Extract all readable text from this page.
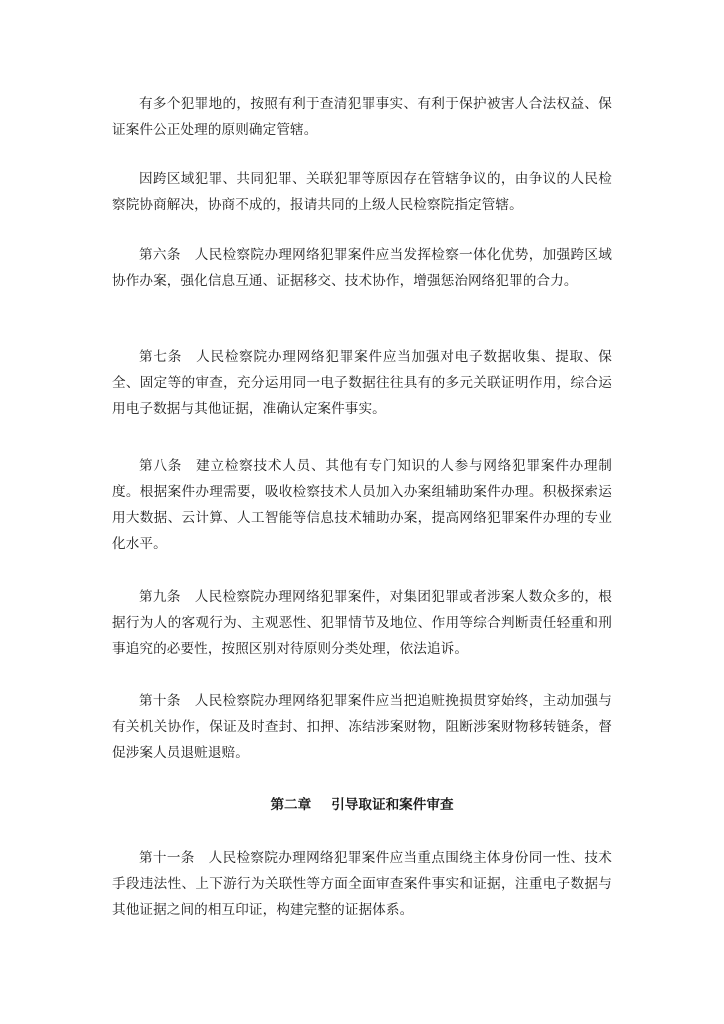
有多个犯罪地的，按照有利于查清犯罪事实、有利于保护被害人合法权益、保证案件公正处理的原则确定管辖。

因跨区域犯罪、共同犯罪、关联犯罪等原因存在管辖争议的，由争议的人民检察院协商解决，协商不成的，报请共同的上级人民检察院指定管辖。

第六条 人民检察院办理网络犯罪案件应当发挥检察一体化优势，加强跨区域协作办案，强化信息互通、证据移交、技术协作，增强惩治网络犯罪的合力。

第七条 人民检察院办理网络犯罪案件应当加强对电子数据收集、提取、保全、固定等的审查，充分运用同一电子数据往往具有的多元关联证明作用，综合运用电子数据与其他证据，准确认定案件事实。

第八条 建立检察技术人员、其他有专门知识的人参与网络犯罪案件办理制度。根据案件办理需要，吸收检察技术人员加入办案组辅助案件办理。积极探索运用大数据、云计算、人工智能等信息技术辅助办案，提高网络犯罪案件办理的专业化水平。

第九条 人民检察院办理网络犯罪案件，对集团犯罪或者涉案人数众多的，根据行为人的客观行为、主观恶性、犯罪情节及地位、作用等综合判断责任轻重和刑事追究的必要性，按照区别对待原则分类处理，依法追诉。

第十条 人民检察院办理网络犯罪案件应当把追赃挽损贯穿始终，主动加强与有关机关协作，保证及时查封、扣押、冻结涉案财物，阻断涉案财物移转链条，督促涉案人员退赃退赔。

第二章 引导取证和案件审查

第十一条 人民检察院办理网络犯罪案件应当重点围绕主体身份同一性、技术手段违法性、上下游行为关联性等方面全面审查案件事实和证据，注重电子数据与其他证据之间的相互印证，构建完整的证据体系。
